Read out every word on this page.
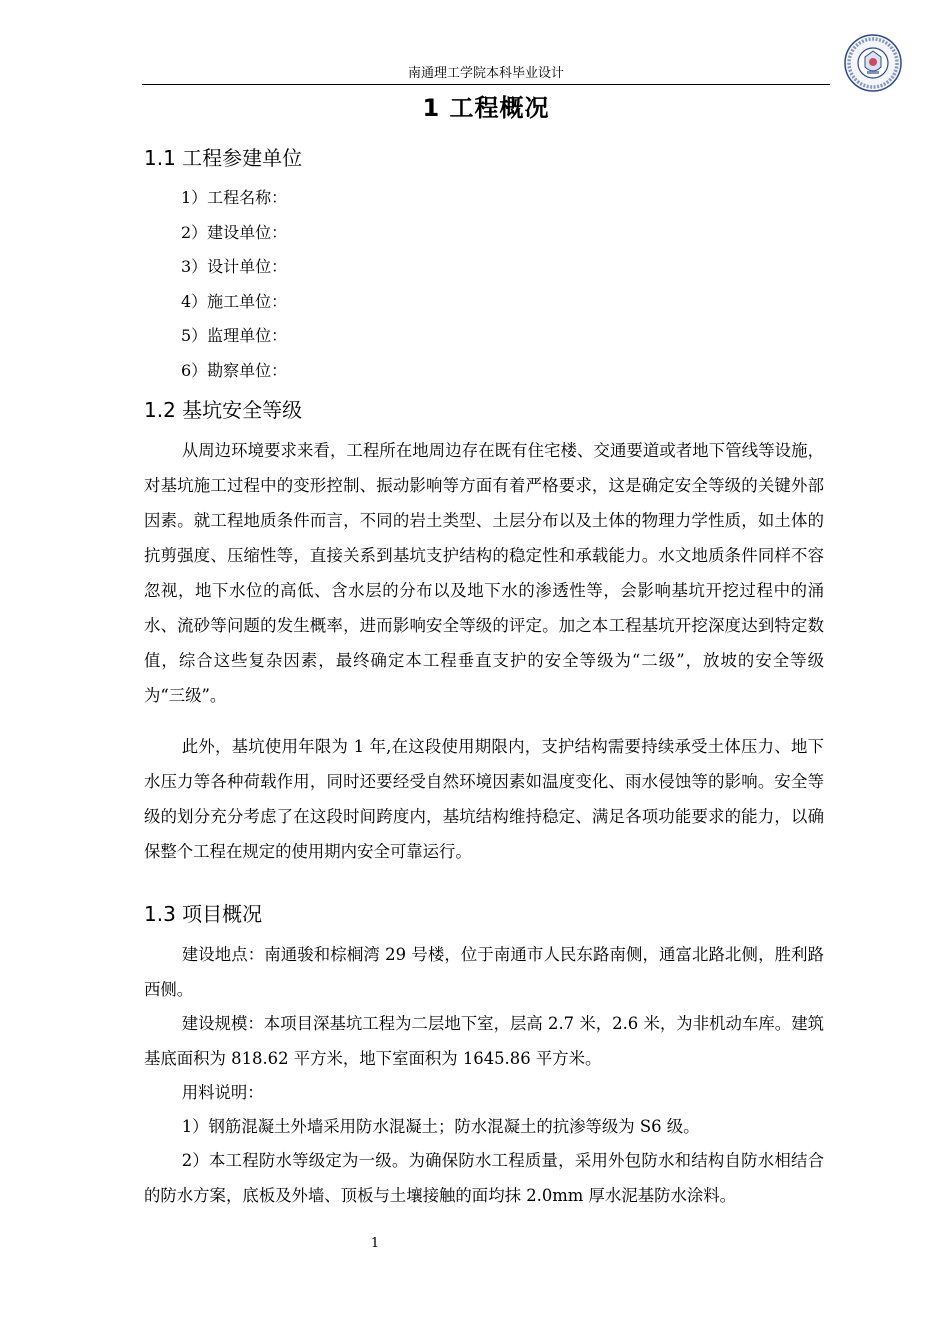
南通理工学院本科毕业设计
1 工程概况
1.1 工程参建单位
1）工程名称：
2）建设单位：
3）设计单位：
4）施工单位：
5）监理单位：
6）勘察单位：
1.2 基坑安全等级
从周边环境要求来看，工程所在地周边存在既有住宅楼、交通要道或者地下管线等设施，对基坑施工过程中的变形控制、振动影响等方面有着严格要求，这是确定安全等级的关键外部因素。就工程地质条件而言，不同的岩土类型、土层分布以及土体的物理力学性质，如土体的抗剪强度、压缩性等，直接关系到基坑支护结构的稳定性和承载能力。水文地质条件同样不容忽视，地下水位的高低、含水层的分布以及地下水的渗透性等，会影响基坑开挖过程中的涌水、流砂等问题的发生概率，进而影响安全等级的评定。加之本工程基坑开挖深度达到特定数值，综合这些复杂因素，最终确定本工程垂直支护的安全等级为“二级”，放坡的安全等级为“三级”。
此外，基坑使用年限为 1 年,在这段使用期限内，支护结构需要持续承受土体压力、地下水压力等各种荷载作用，同时还要经受自然环境因素如温度变化、雨水侵蚀等的影响。安全等级的划分充分考虑了在这段时间跨度内，基坑结构维持稳定、满足各项功能要求的能力，以确保整个工程在规定的使用期内安全可靠运行。
1.3 项目概况
建设地点：南通骏和棕榈湾 29 号楼，位于南通市人民东路南侧，通富北路北侧，胜利路西侧。
建设规模：本项目深基坑工程为二层地下室，层高 2.7 米，2.6 米，为非机动车库。建筑基底面积为 818.62 平方米，地下室面积为 1645.86 平方米。
用料说明：
1）钢筋混凝土外墙采用防水混凝土；防水混凝土的抗渗等级为 S6 级。
2）本工程防水等级定为一级。为确保防水工程质量，采用外包防水和结构自防水相结合的防水方案，底板及外墙、顶板与土壤接触的面均抹 2.0mm 厚水泥基防水涂料。
1
